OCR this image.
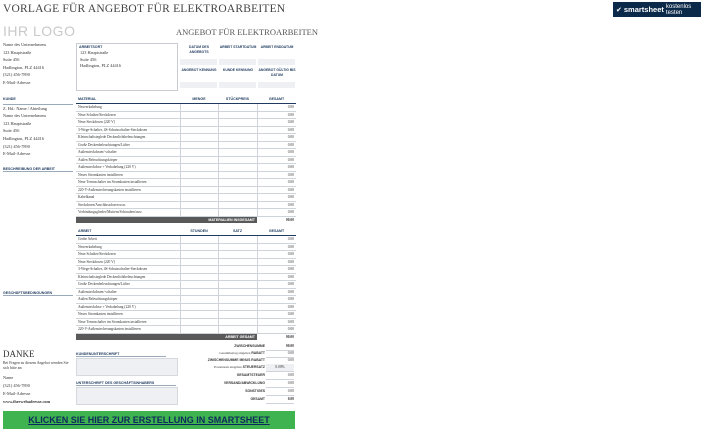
VORLAGE FÜR ANGEBOT FÜR ELEKTROARBEITEN	✔ smartsheet kostenlos testen
IHR LOGO	ANGEBOT FÜR ELEKTROARBEITEN
Name des Unternehmens
123 Hauptstraße
Suite 456
Hadlington, PLZ 44416
(321) 456-7890
E-Mail-Adresse
ARBEITSORT
123 Hauptstraße
Suite 456
Hadlington, PLZ 44416
DATUM DES ANGEBOTS
ARBEIT STARTDATUM	ARBEIT ENDDATUM
ANGEBOT KENNUNG	KUNDE KENNUNG	ANGEBOT GÜLTIG BIS DATUM
KUNDE
Z. Hd.: Name / Abteilung
Name des Unternehmens
123 Hauptstraße
Suite 456
Hadlington, PLZ 44416
(321) 456-7890
E-Mail-Adresse
BESCHREIBUNG DER ARBEIT
GESCHÄFTSBEDINGUNGEN
MATERIAL	MENGE	STÜCKPREIS	GESAMT
Neuverkabelung			0.00
Neue Schalter/Steckdosen			0.00
Neue Steckdosen (220 V)			0.00
3-Wege-Schalter, 4S-Schutzschalter-Steckdosen			0.00
Kleinschaltsteglede Deckenlichtbeleuchtungen			0.00
Große Deckenbeleuchtungen/Lüfter			0.00
Außensteckdosen/-schalter			0.00
Außen Beleuchtungskörper			0.00
Außensteckdose + Verkabelung (220 V)			0.00
Neues Stromkasten installieren			0.00
Neue Trennschalter im Stromkasten installieren			0.00
220-V-Außenstecherungskasten installieren			0.00
Kabelkanal			0.00
Steckdosen/Anschlussdosen usw.			0.00
Verbindungsglieder/Muttern/Schrauben/usw.			0.00
MATERIALIEN INSGESAMT			00.00
ARBEIT	STUNDEN	SATZ	GESAMT
Grobe Arbeit			0.00
Neuverkabelung			0.00
Neue Schalter/Steckdosen			0.00
Neue Steckdosen (220 V)			0.00
3-Wege-Schalter, 4S-Schutzschalter-Steckdosen			0.00
Kleinschaltsteglede Deckenlichtbeleuchtungen			0.00
Große Deckenbeleuchtungen/Lüfter			0.00
Außensteckdosen/-schalter			0.00
Außen Beleuchtungskörper			0.00
Außensteckdose + Verkabelung (220 V)			0.00
Neues Stromkasten installieren			0.00
Neue Trennschalter im Stromkasten installieren			0.00
220-V-Außenstecherungskasten installieren			0.00
ARBEIT GESAMT			00.00
ZWISCHENSUMME	00.00
Gesamtbetrag eingeben RABATT	0.00
ZWISCHENSUMME MINUS RABATT	0.00
Prozentsatz eingeben STEUERSATZ	0.00%
GESAMTSTEUER	0.00
VERSAND/ABWICKLUNG	0.00
SONSTIGES	0.00
GESAMT	0.00
KUNDENUNTERSCHRIFT
UNTERSCHRIFT DES GESCHÄFTSINHABERS
DANKE
Bei Fragen zu diesem Angebot wenden Sie sich bitte an:
Name
(321) 456-7890
E-Mail-Adresse
www.ihrewebadresse.com
KLICKEN SIE HIER ZUR ERSTELLUNG IN SMARTSHEET
